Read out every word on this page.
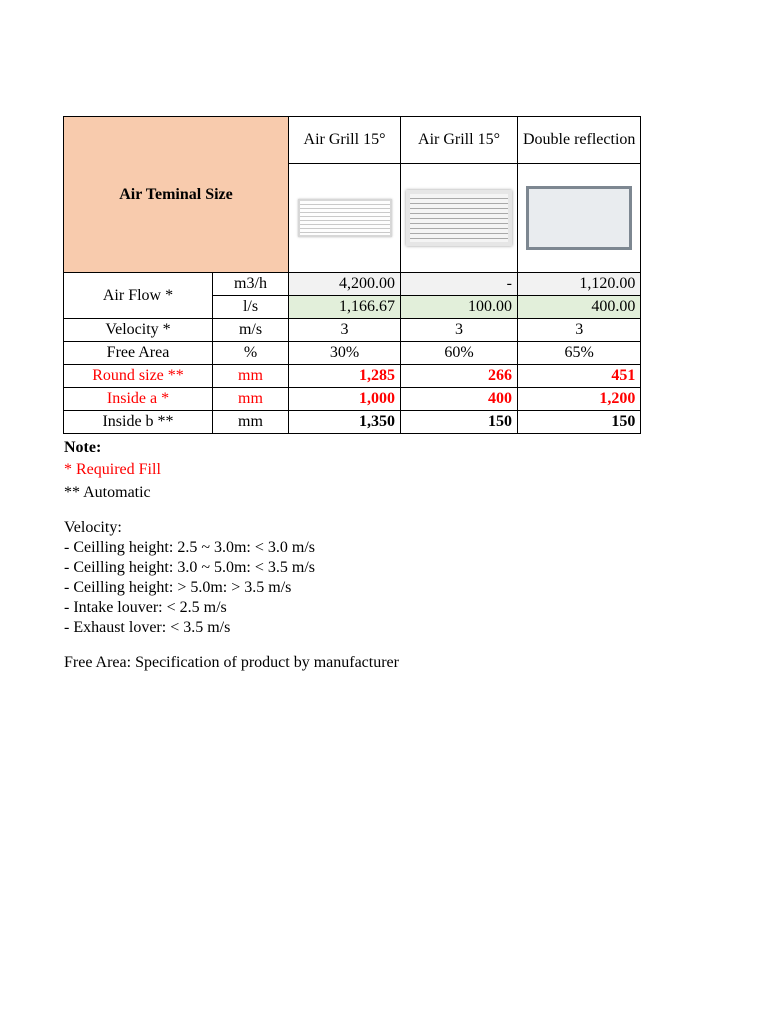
Air Teminal Size		Air Grill 15°	Air Grill 15°	Double reflection

Air Flow *	m3/h	4,200.00	-	1,120.00
	l/s	1,166.67	100.00	400.00
Velocity *	m/s	3	3	3
Free Area	%	30%	60%	65%
Round size **	mm	1,285	266	451
Inside a *	mm	1,000	400	1,200
Inside b **	mm	1,350	150	150
Note:
* Required Fill
** Automatic
Velocity:
- Ceilling height: 2.5 ~ 3.0m: < 3.0 m/s
- Ceilling height: 3.0 ~ 5.0m: < 3.5 m/s
- Ceilling height: > 5.0m: > 3.5 m/s
- Intake louver: < 2.5 m/s
- Exhaust lover: < 3.5 m/s
Free Area: Specification of product by manufacturer
